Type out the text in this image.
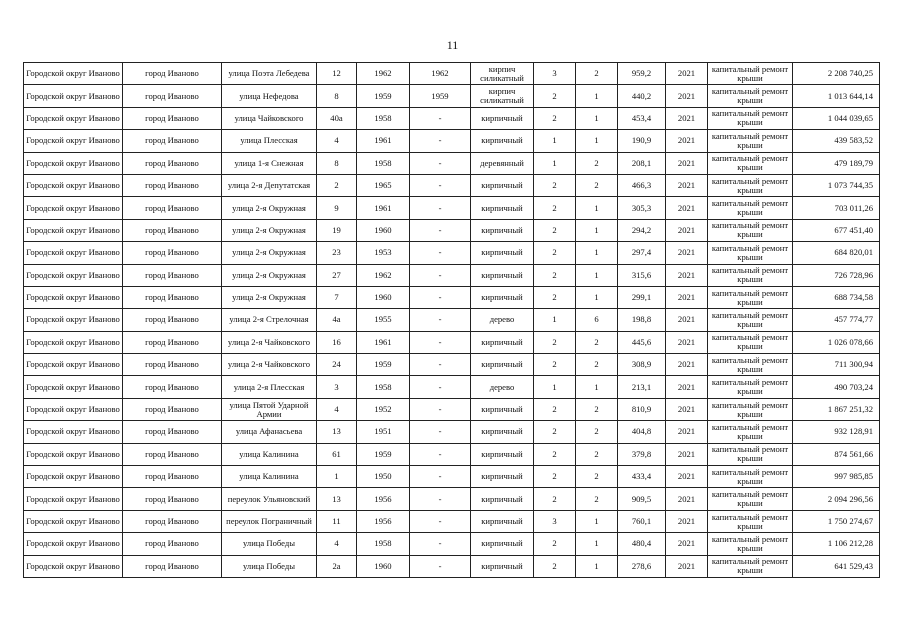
11
Городской округ Иваново	город Иваново	улица Поэта Лебедева	12	1962	1962	кирпич силикатный	3	2	959,2	2021	капитальный ремонт крыши	2 208 740,25
Городской округ Иваново	город Иваново	улица Нефедова	8	1959	1959	кирпич силикатный	2	1	440,2	2021	капитальный ремонт крыши	1 013 644,14
Городской округ Иваново	город Иваново	улица Чайковского	40а	1958	-	кирпичный	2	1	453,4	2021	капитальный ремонт крыши	1 044 039,65
Городской округ Иваново	город Иваново	улица Плесская	4	1961	-	кирпичный	1	1	190,9	2021	капитальный ремонт крыши	439 583,52
Городской округ Иваново	город Иваново	улица 1-я Снежная	8	1958	-	деревянный	1	2	208,1	2021	капитальный ремонт крыши	479 189,79
Городской округ Иваново	город Иваново	улица 2-я Депутатская	2	1965	-	кирпичный	2	2	466,3	2021	капитальный ремонт крыши	1 073 744,35
Городской округ Иваново	город Иваново	улица 2-я Окружная	9	1961	-	кирпичный	2	1	305,3	2021	капитальный ремонт крыши	703 011,26
Городской округ Иваново	город Иваново	улица 2-я Окружная	19	1960	-	кирпичный	2	1	294,2	2021	капитальный ремонт крыши	677 451,40
Городской округ Иваново	город Иваново	улица 2-я Окружная	23	1953	-	кирпичный	2	1	297,4	2021	капитальный ремонт крыши	684 820,01
Городской округ Иваново	город Иваново	улица 2-я Окружная	27	1962	-	кирпичный	2	1	315,6	2021	капитальный ремонт крыши	726 728,96
Городской округ Иваново	город Иваново	улица 2-я Окружная	7	1960	-	кирпичный	2	1	299,1	2021	капитальный ремонт крыши	688 734,58
Городской округ Иваново	город Иваново	улица 2-я Стрелочная	4а	1955	-	дерево	1	6	198,8	2021	капитальный ремонт крыши	457 774,77
Городской округ Иваново	город Иваново	улица 2-я Чайковского	16	1961	-	кирпичный	2	2	445,6	2021	капитальный ремонт крыши	1 026 078,66
Городской округ Иваново	город Иваново	улица 2-я Чайковского	24	1959	-	кирпичный	2	2	308,9	2021	капитальный ремонт крыши	711 300,94
Городской округ Иваново	город Иваново	улица 2-я Плесская	3	1958	-	дерево	1	1	213,1	2021	капитальный ремонт крыши	490 703,24
Городской округ Иваново	город Иваново	улица Пятой Ударной Армии	4	1952	-	кирпичный	2	2	810,9	2021	капитальный ремонт крыши	1 867 251,32
Городской округ Иваново	город Иваново	улица Афанасьева	13	1951	-	кирпичный	2	2	404,8	2021	капитальный ремонт крыши	932 128,91
Городской округ Иваново	город Иваново	улица Калинина	61	1959	-	кирпичный	2	2	379,8	2021	капитальный ремонт крыши	874 561,66
Городской округ Иваново	город Иваново	улица Калинина	1	1950	-	кирпичный	2	2	433,4	2021	капитальный ремонт крыши	997 985,85
Городской округ Иваново	город Иваново	переулок Ульяновский	13	1956	-	кирпичный	2	2	909,5	2021	капитальный ремонт крыши	2 094 296,56
Городской округ Иваново	город Иваново	переулок Пограничный	11	1956	-	кирпичный	3	1	760,1	2021	капитальный ремонт крыши	1 750 274,67
Городской округ Иваново	город Иваново	улица Победы	4	1958	-	кирпичный	2	1	480,4	2021	капитальный ремонт крыши	1 106 212,28
Городской округ Иваново	город Иваново	улица Победы	2а	1960	-	кирпичный	2	1	278,6	2021	капитальный ремонт крыши	641 529,43
